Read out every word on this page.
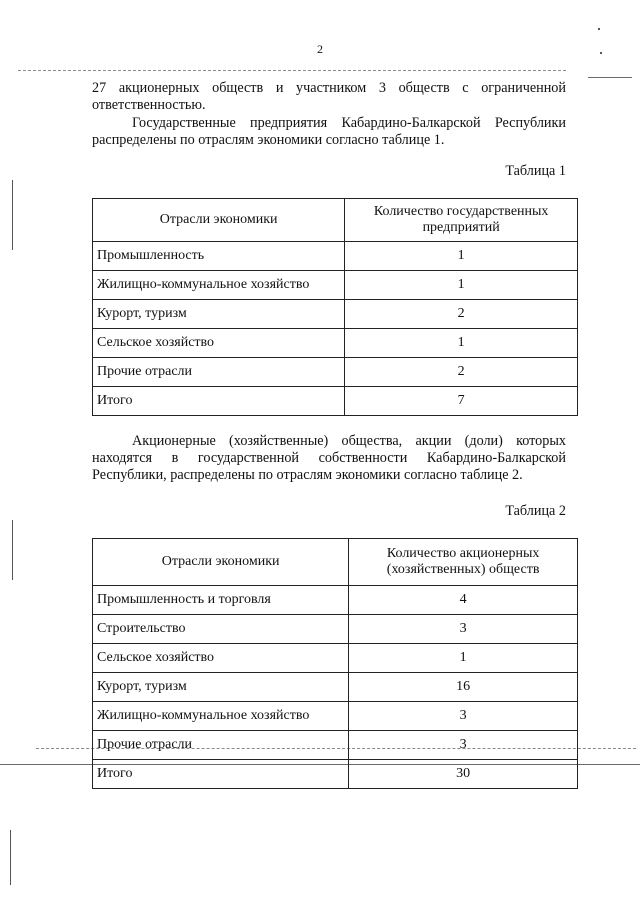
2

27 акционерных обществ и участником 3 обществ с ограниченной ответственностью.

Государственные предприятия Кабардино-Балкарской Республики распределены по отраслям экономики согласно таблице 1.

Таблица 1
Отрасли экономики	Количество государственных предприятий
Промышленность	1
Жилищно-коммунальное хозяйство	1
Курорт, туризм	2
Сельское хозяйство	1
Прочие отрасли	2
Итого	7

Акционерные (хозяйственные) общества, акции (доли) которых находятся в государственной собственности Кабардино-Балкарской Республики, распределены по отраслям экономики согласно таблице 2.

Таблица 2
Отрасли экономики	Количество акционерных (хозяйственных) обществ
Промышленность и торговля	4
Строительство	3
Сельское хозяйство	1
Курорт, туризм	16
Жилищно-коммунальное хозяйство	3
Прочие отрасли	3
Итого	30
